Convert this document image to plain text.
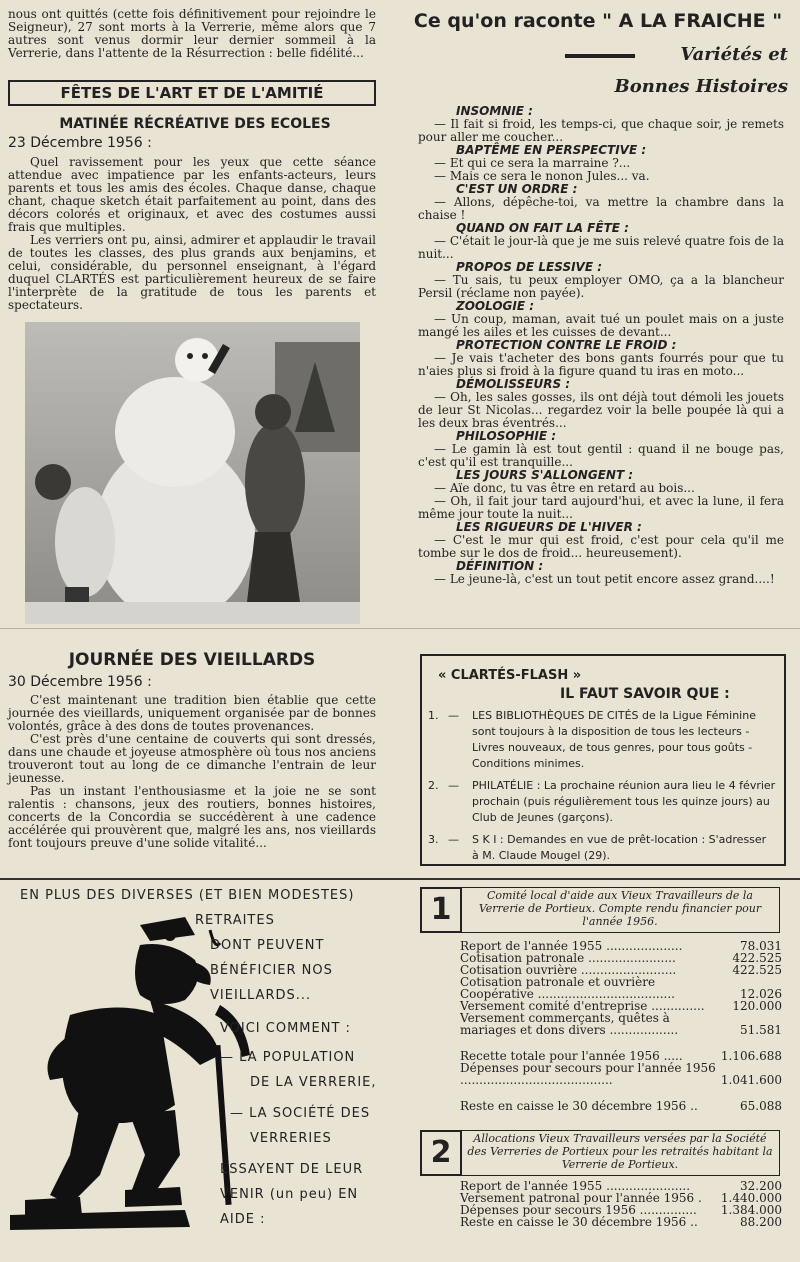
nous ont quittés (cette fois définitivement pour rejoindre le Seigneur), 27 sont morts à la Verrerie, même alors que 7 autres sont venus dormir leur dernier sommeil à la Verrerie, dans l'attente de la Résurrection : belle fidélité...
FÊTES DE L'ART ET DE L'AMITIÉ
MATINÉE RÉCRÉATIVE DES ECOLES
23 Décembre 1956 :

Quel ravissement pour les yeux que cette séance attendue avec impatience par les enfants-acteurs, leurs parents et tous les amis des écoles. Chaque danse, chaque chant, chaque sketch était parfaitement au point, dans des décors colorés et originaux, et avec des costumes aussi frais que multiples.

Les verriers ont pu, ainsi, admirer et applaudir le travail de toutes les classes, des plus grands aux benjamins, et celui, considérable, du personnel enseignant, à l'égard duquel CLARTÉS est particulièrement heureux de se faire l'interprète de la gratitude de tous les parents et spectateurs.

JOURNÉE DES VIEILLARDS
30 Décembre 1956 :

C'est maintenant une tradition bien établie que cette journée des vieillards, uniquement organisée par de bonnes volontés, grâce à des dons de toutes provenances.

C'est près d'une centaine de couverts qui sont dressés, dans une chaude et joyeuse atmosphère où tous nos anciens trouveront tout au long de ce dimanche l'entrain de leur jeunesse.

Pas un instant l'enthousiasme et la joie ne se sont ralentis : chansons, jeux des routiers, bonnes histoires, concerts de la Concordia se succédèrent à une cadence accélérée qui prouvèrent que, malgré les ans, nos vieillards font toujours preuve d'une solide vitalité...

Ce qu'on raconte " A LA FRAICHE "
Variétés et
Bonnes Histoires
INSOMNIE :

— Il fait si froid, les temps-ci, que chaque soir, je remets pour aller me coucher...

BAPTÊME EN PERSPECTIVE :

— Et qui ce sera la marraine ?...

— Mais ce sera le nonon Jules... va.

C'EST UN ORDRE :

— Allons, dépêche-toi, va mettre la chambre dans la chaise !

QUAND ON FAIT LA FÊTE :

— C'était le jour-là que je me suis relevé quatre fois de la nuit...

PROPOS DE LESSIVE :

— Tu sais, tu peux employer OMO, ça a la blancheur Persil (réclame non payée).

ZOOLOGIE :

— Un coup, maman, avait tué un poulet mais on a juste mangé les ailes et les cuisses de devant...

PROTECTION CONTRE LE FROID :

— Je vais t'acheter des bons gants fourrés pour que tu n'aies plus si froid à la figure quand tu iras en moto...

DÉMOLISSEURS :

— Oh, les sales gosses, ils ont déjà tout démoli les jouets de leur St Nicolas... regardez voir la belle poupée là qui a les deux bras éventrés...

PHILOSOPHIE :

— Le gamin là est tout gentil : quand il ne bouge pas, c'est qu'il est tranquille...

LES JOURS S'ALLONGENT :

— Aïe donc, tu vas être en retard au bois...

— Oh, il fait jour tard aujourd'hui, et avec la lune, il fera même jour toute la nuit...

LES RIGUEURS DE L'HIVER :

— C'est le mur qui est froid, c'est pour cela qu'il me tombe sur le dos de froid... heureusement).

DÉFINITION :

— Le jeune-là, c'est un tout petit encore assez grand....!

« CLARTÉS-FLASH »
IL FAUT SAVOIR QUE :
1. —	LES BIBLIOTHÈQUES DE CITÉS de la Ligue Féminine sont toujours à la disposition de tous les lecteurs - Livres nouveaux, de tous genres, pour tous goûts - Conditions minimes.
2. —	PHILATÉLIE : La prochaine réunion aura lieu le 4 février prochain (puis régulièrement tous les quinze jours) au Club de Jeunes (garçons).
3. —	S K I : Demandes en vue de prêt-location : S'adresser à M. Claude Mougel (29).
EN PLUS DES DIVERSES (ET BIEN MODESTES)
RETRAITES
DONT PEUVENT
BÉNÉFICIER NOS
VIEILLARDS...
VOICI COMMENT :
— LA POPULATION
DE LA VERRERIE,
— LA SOCIÉTÉ DES
VERRERIES
ESSAYENT DE LEUR
VENIR (un peu) EN
AIDE :
1	Comité local d'aide aux Vieux Travailleurs de la Verrerie de Portieux. Compte rendu financier pour l'année 1956.
Report de l'année 1955 ....................	78.031
Cotisation patronale .......................	422.525
Cotisation ouvrière .........................	422.525
Cotisation patronale et ouvrière Coopérative ....................................	12.026
Versement comité d'entreprise ..............	120.000
Versement commerçants, quêtes à mariages et dons divers ..................	51.581
Recette totale pour l'année 1956 .....	1.106.688
Dépenses pour secours pour l'année 1956 ........................................	1.041.600
Reste en caisse le 30 décembre 1956 ..	65.088
2	Allocations Vieux Travailleurs versées par la Société des Verreries de Portieux pour les retraités habitant la Verrerie de Portieux.
Report de l'année 1955 ......................	32.200
Versement patronal pour l'année 1956 .	1.440.000
Dépenses pour secours 1956 ...............	1.384.000
Reste en caisse le 30 décembre 1956 ..	88.200
